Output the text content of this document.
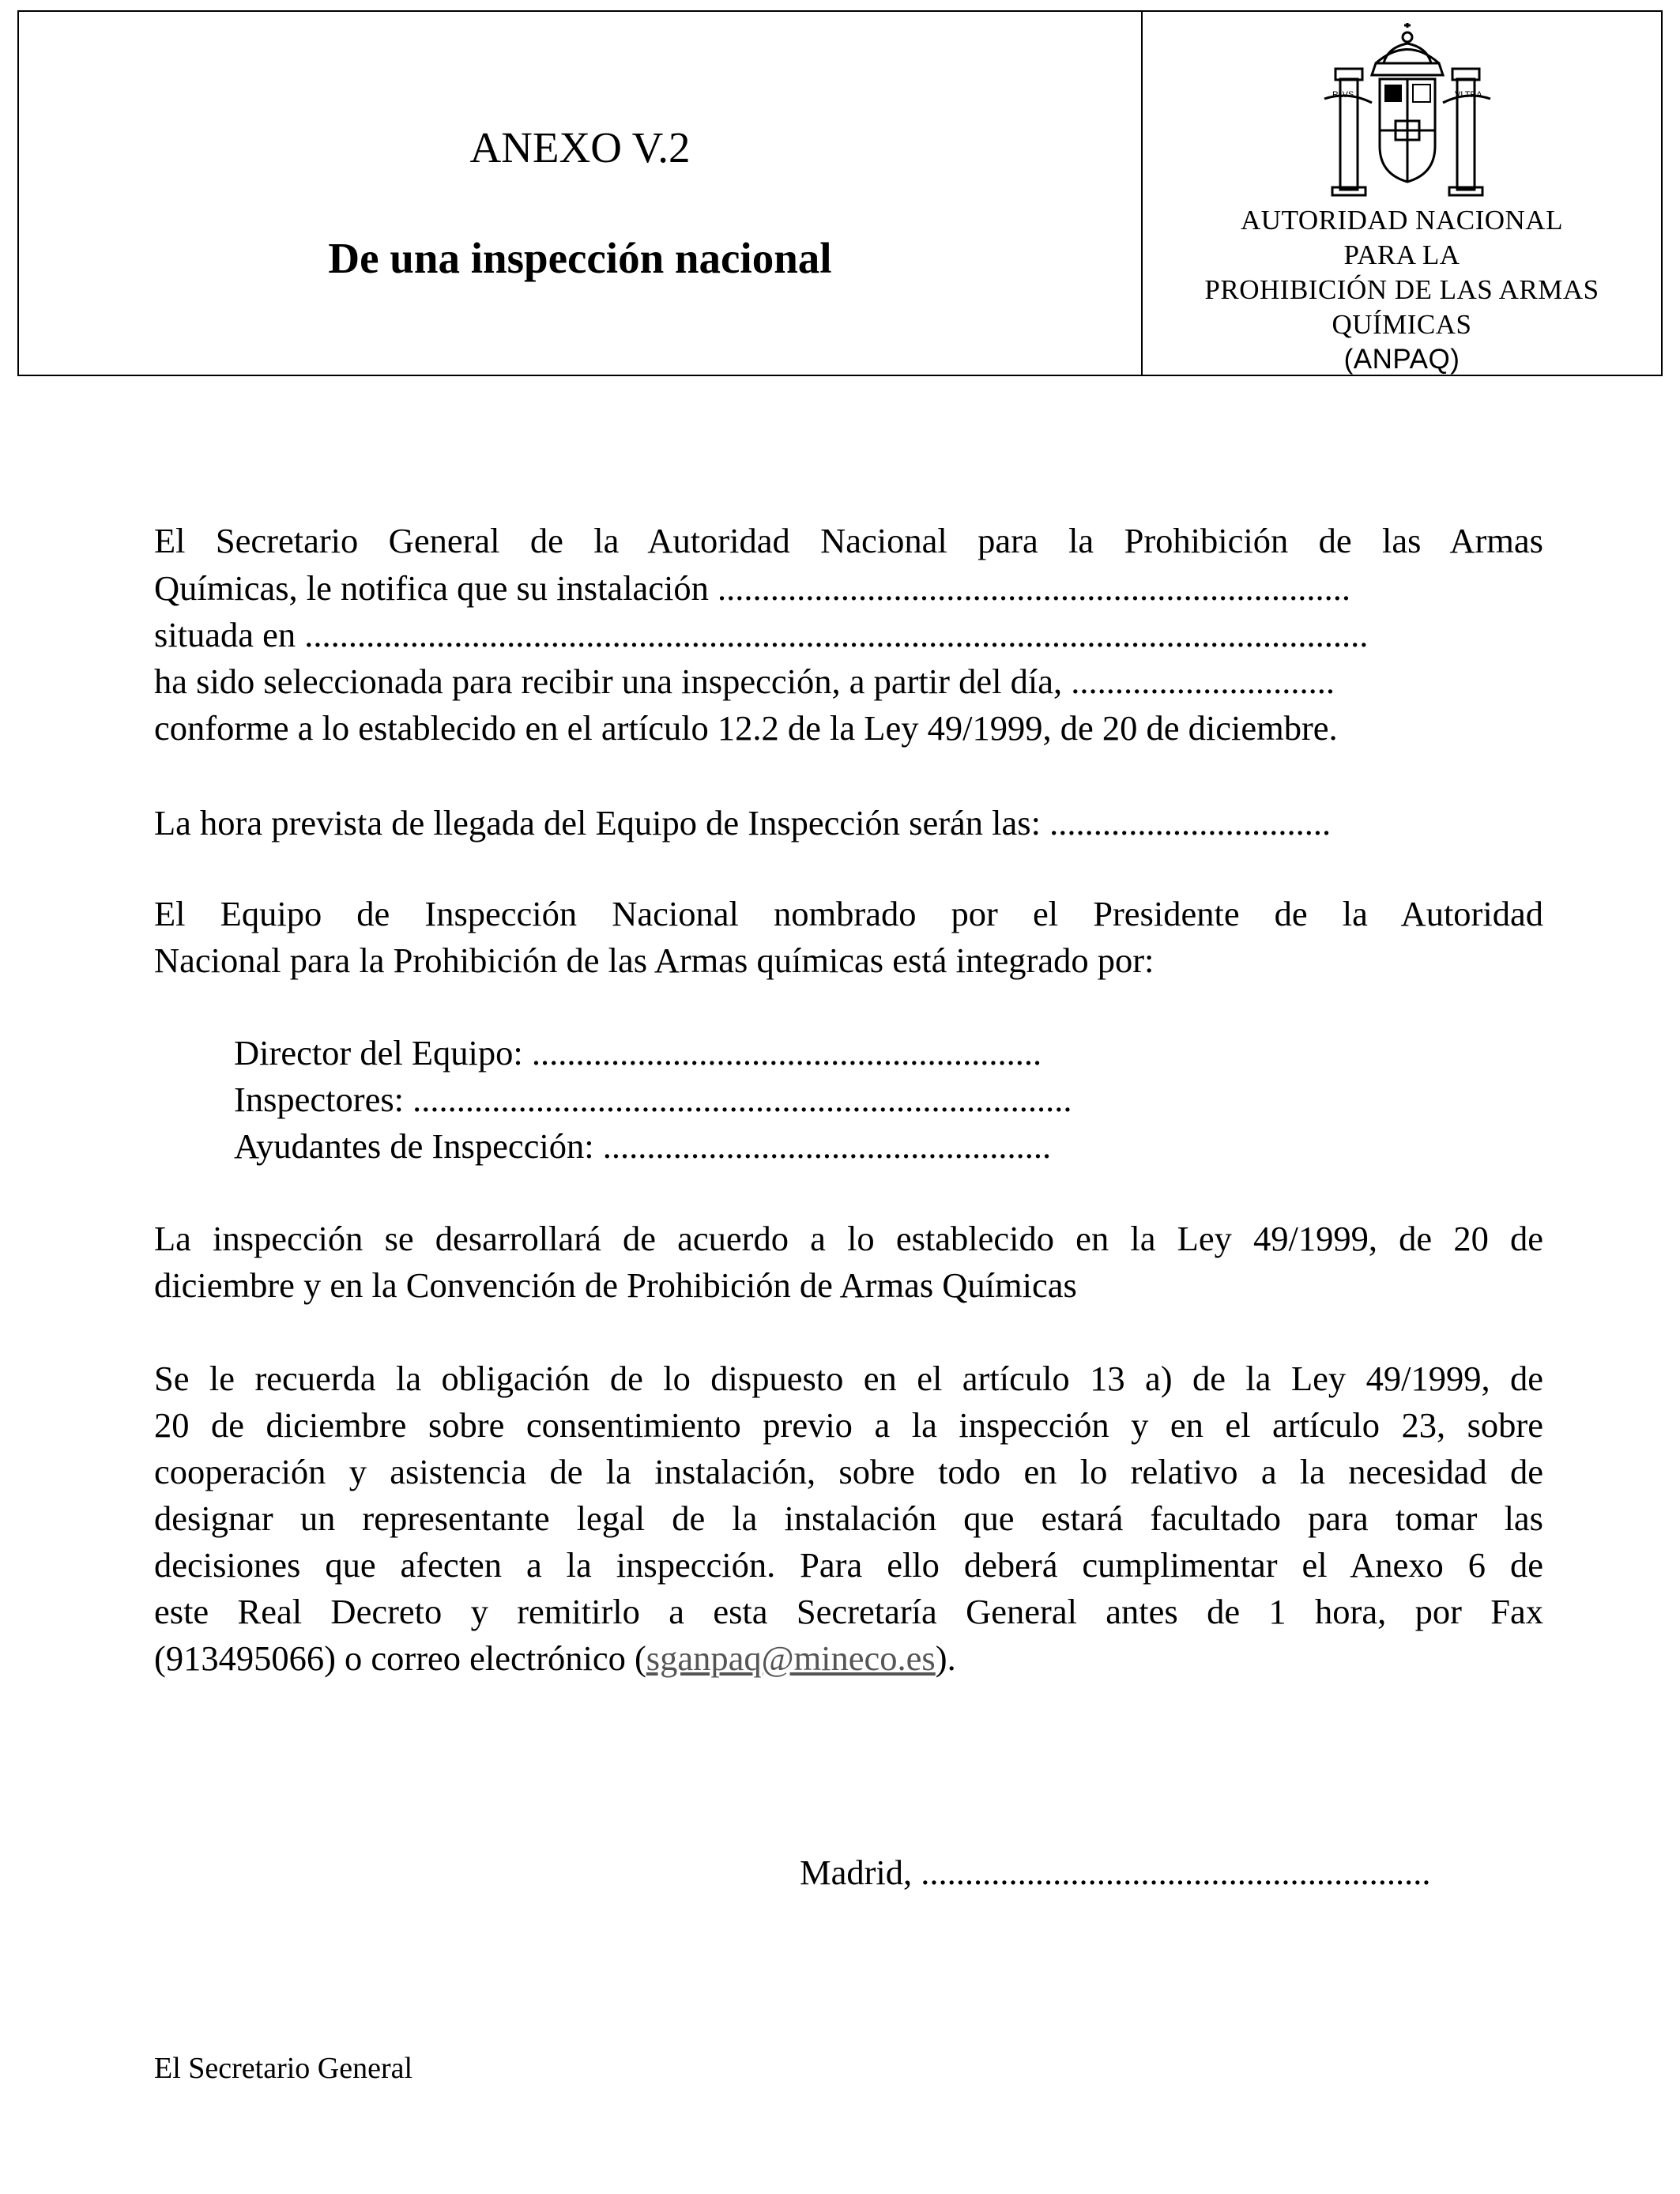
ANEXO V.2
De una inspección nacional
PLVS	VLTRA
AUTORIDAD NACIONAL
PARA LA
PROHIBICIÓN DE LAS ARMAS
QUÍMICAS
(ANPAQ)
El Secretario General de la Autoridad Nacional para la Prohibición de las Armas
Químicas, le notifica que su instalación ........................................................................
situada en .........................................................................................................................
ha sido seleccionada para recibir una inspección, a partir del día, ..............................
conforme a lo establecido en el artículo 12.2 de la Ley 49/1999, de 20 de diciembre.
La hora prevista de llegada del Equipo de Inspección serán las: ................................
El Equipo de Inspección Nacional nombrado por el Presidente de la Autoridad
Nacional para la Prohibición de las Armas químicas está integrado por:
Director del Equipo: ..........................................................
Inspectores: ...........................................................................
Ayudantes de Inspección: ...................................................
La inspección se desarrollará de acuerdo a lo establecido en la Ley 49/1999, de 20 de
diciembre y en la Convención de Prohibición de Armas Químicas
Se le recuerda la obligación de lo dispuesto en el artículo 13 a) de la Ley 49/1999, de
20 de diciembre sobre consentimiento previo a la inspección y en el artículo 23, sobre
cooperación y asistencia de la instalación, sobre todo en lo relativo a la necesidad de
designar un representante legal de la instalación que estará facultado para tomar las
decisiones que afecten a la inspección. Para ello deberá cumplimentar el Anexo 6 de
este Real Decreto y remitirlo a esta Secretaría General antes de 1 hora, por Fax
(913495066) o correo electrónico (sganpaq@mineco.es).
Madrid, ..........................................................
El Secretario General
